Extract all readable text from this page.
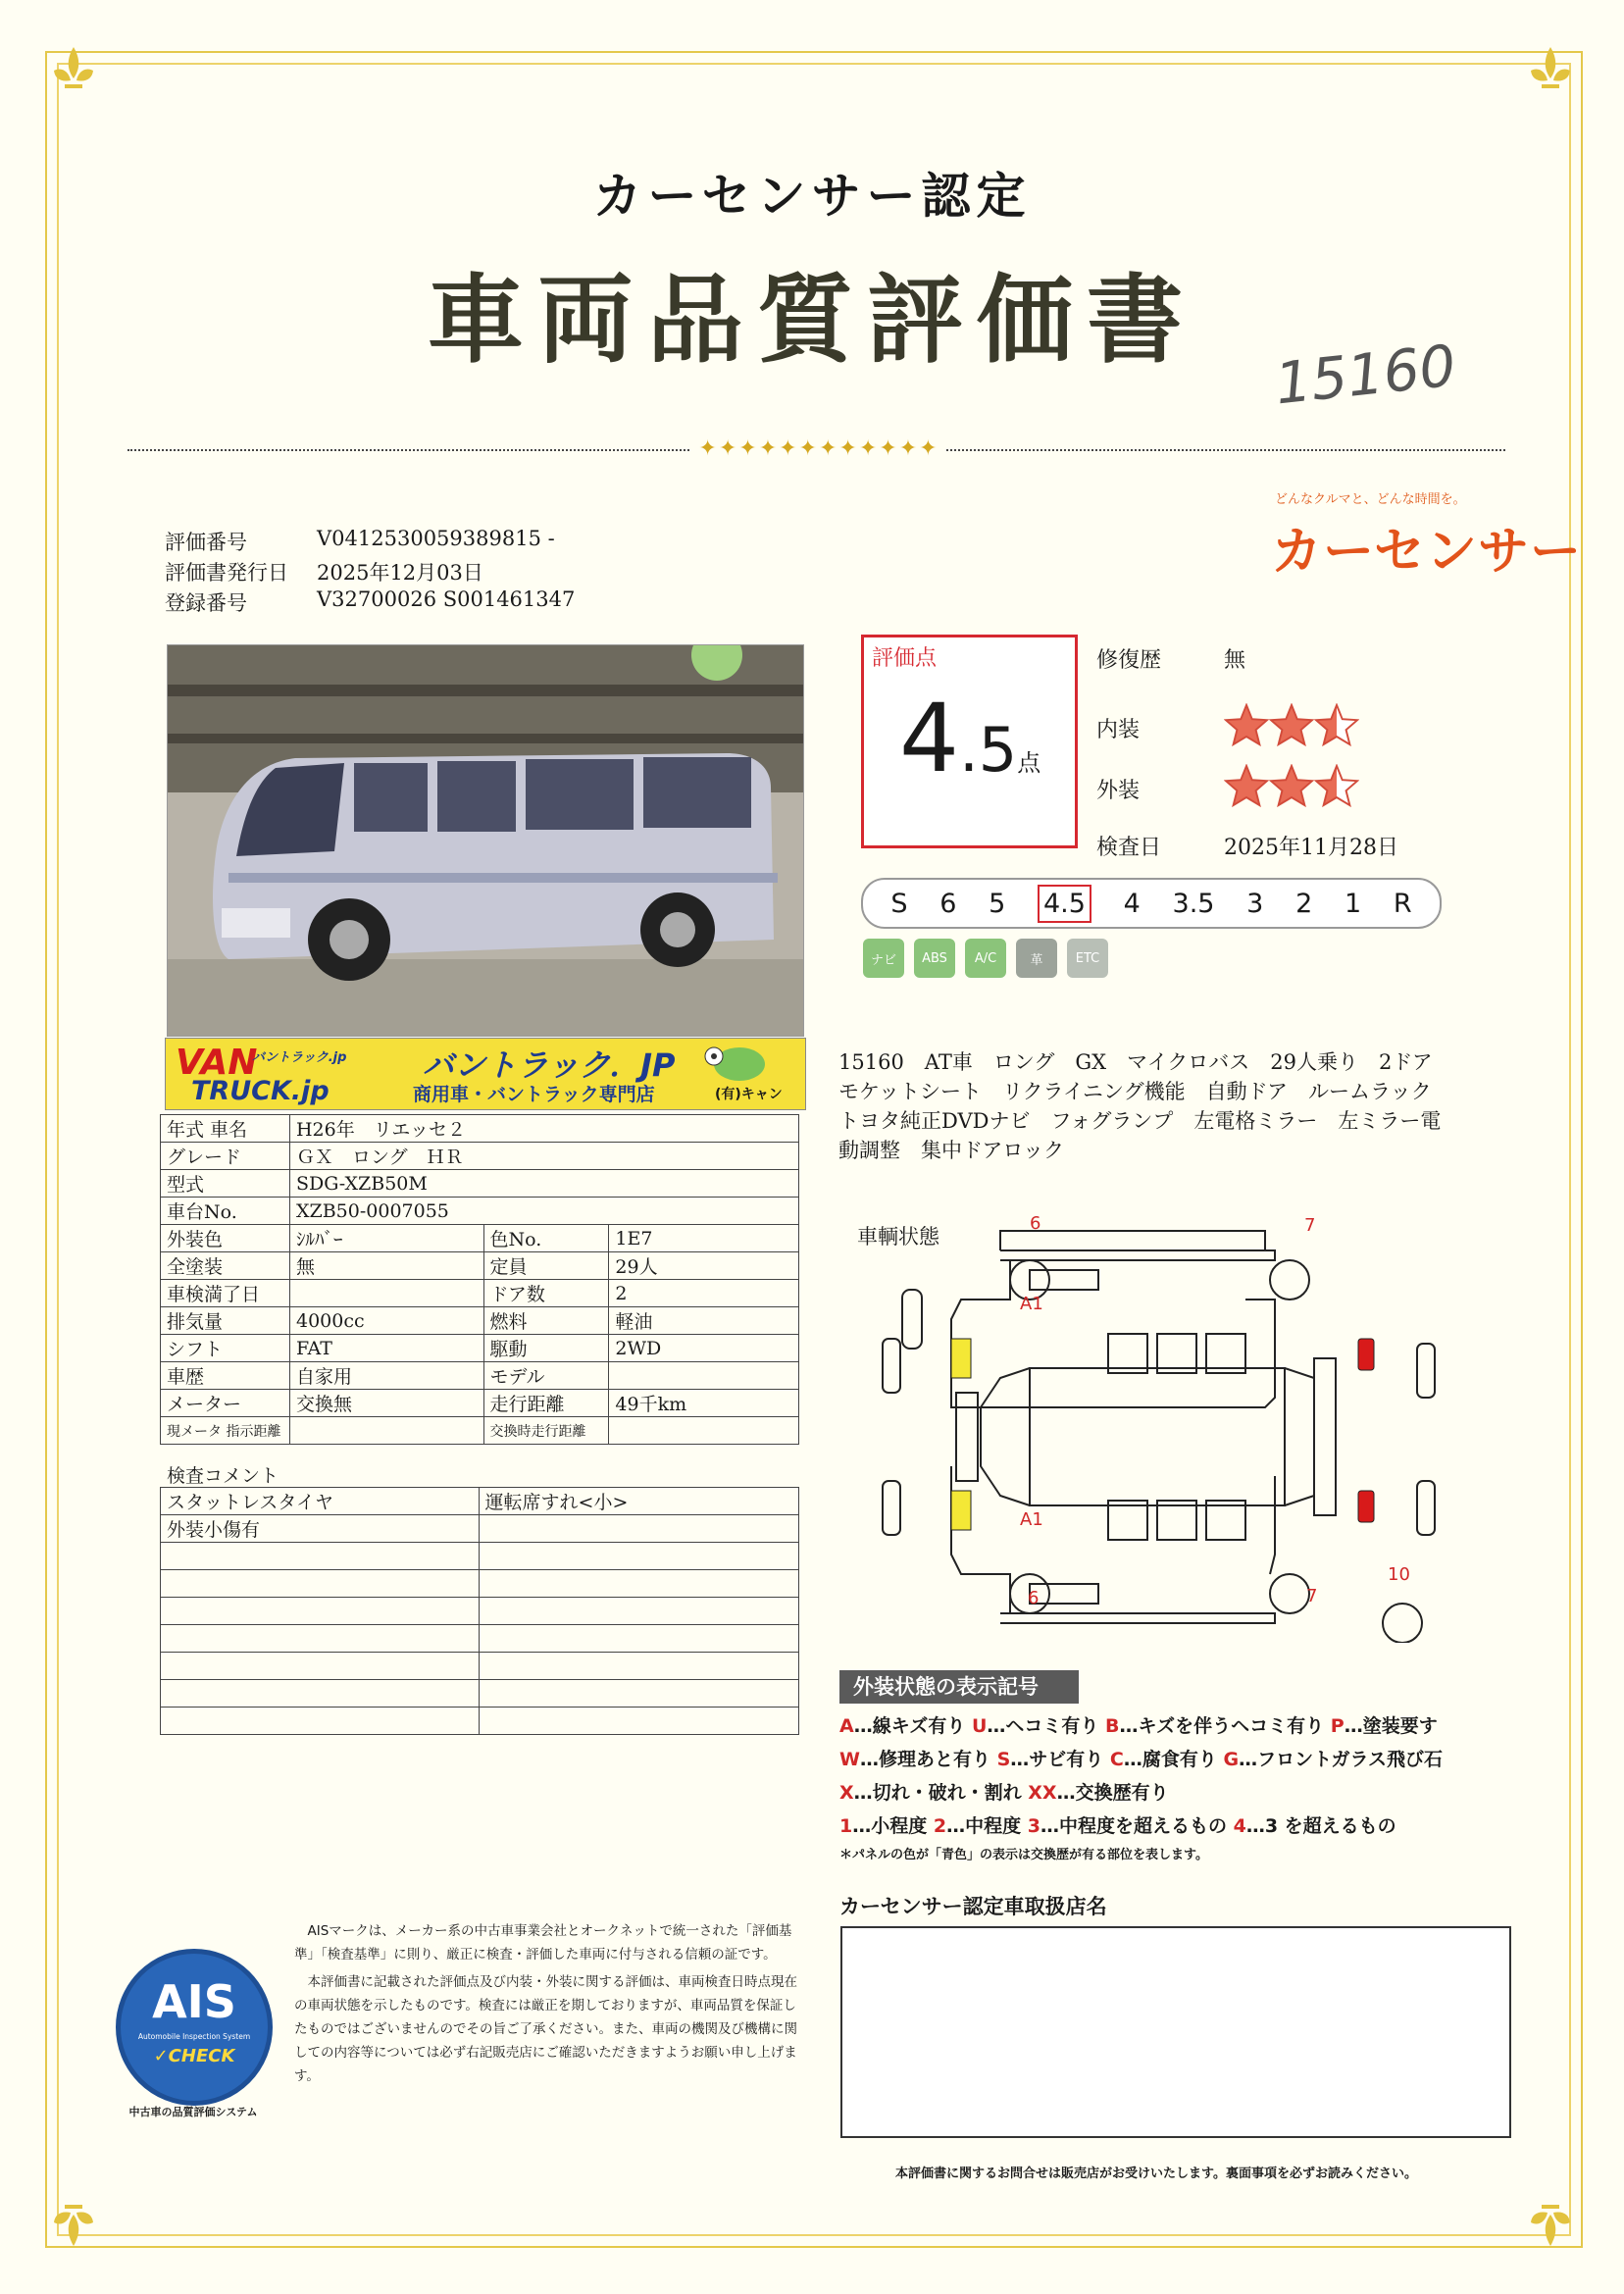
カーセンサー認定
車両品質評価書	15160
✦✦✦✦✦✦✦✦✦✦✦✦
どんなクルマと、どんな時間を。
カーセンサー
評価番号	V0412530059389815 -
評価書発行日	2025年12月03日
登録番号	V32700026 S001461347
VAN
バントラック.jp
TRUCK.jp
バントラック．JP
商用車・バントラック専門店	(有)キャン
年式 車名	H26年　リエッセ２		
グレード	ＧＸ　ロング　ＨＲ		
型式	SDG-XZB50M		
車台No.	XZB50-0007055		
外装色	ｼﾙﾊﾞｰ	色No.	1E7
全塗装	無	定員	29人
車検満了日		ドア数	2
排気量	4000cc	燃料	軽油
シフト	FAT	駆動	2WD
車歴	自家用	モデル	
メーター	交換無	走行距離	49千km
現メータ 指示距離		交換時走行距離	
検査コメント
スタットレスタイヤ	運転席すれ<小>
外装小傷有	

評価点
4.5点
修復歴	無
内装
外装
検査日	2025年11月28日
S 6 5 4.5 4 3.5 3 2 1 R
ナビ	ABS	A/C	革	ETC
15160　AT車　ロング　GX　マイクロバス　29人乗り　2ドア モケットシート　リクライニング機能　自動ドア　ルームラック トヨタ純正DVDナビ　フォグランプ　左電格ミラー　左ミラー電動調整　集中ドアロック
車輌状態
6	7
A1
A1
6	7
10
外装状態の表示記号
A…線キズ有り U…ヘコミ有り B…キズを伴うヘコミ有り P…塗装要す
W…修理あと有り S…サビ有り C…腐食有り G…フロントガラス飛び石
X…切れ・破れ・割れ XX…交換歴有り
1…小程度 2…中程度 3…中程度を超えるもの 4…3 を超えるもの
＊パネルの色が「青色」の表示は交換歴が有る部位を表します。
カーセンサー認定車取扱店名
AIS
Automobile Inspection System
✓CHECK
中古車の品質評価システム
AISマークは、メーカー系の中古車事業会社とオークネットで統一された「評価基準」「検査基準」に則り、厳正に検査・評価した車両に付与される信頼の証です。
本評価書に記載された評価点及び内装・外装に関する評価は、車両検査日時点現在の車両状態を示したものです。検査には厳正を期しておりますが、車両品質を保証したものではございませんのでその旨ご了承ください。また、車両の機関及び機構に関しての内容等については必ず右記販売店にご確認いただきますようお願い申し上げます。
本評価書に関するお問合せは販売店がお受けいたします。裏面事項を必ずお読みください。
